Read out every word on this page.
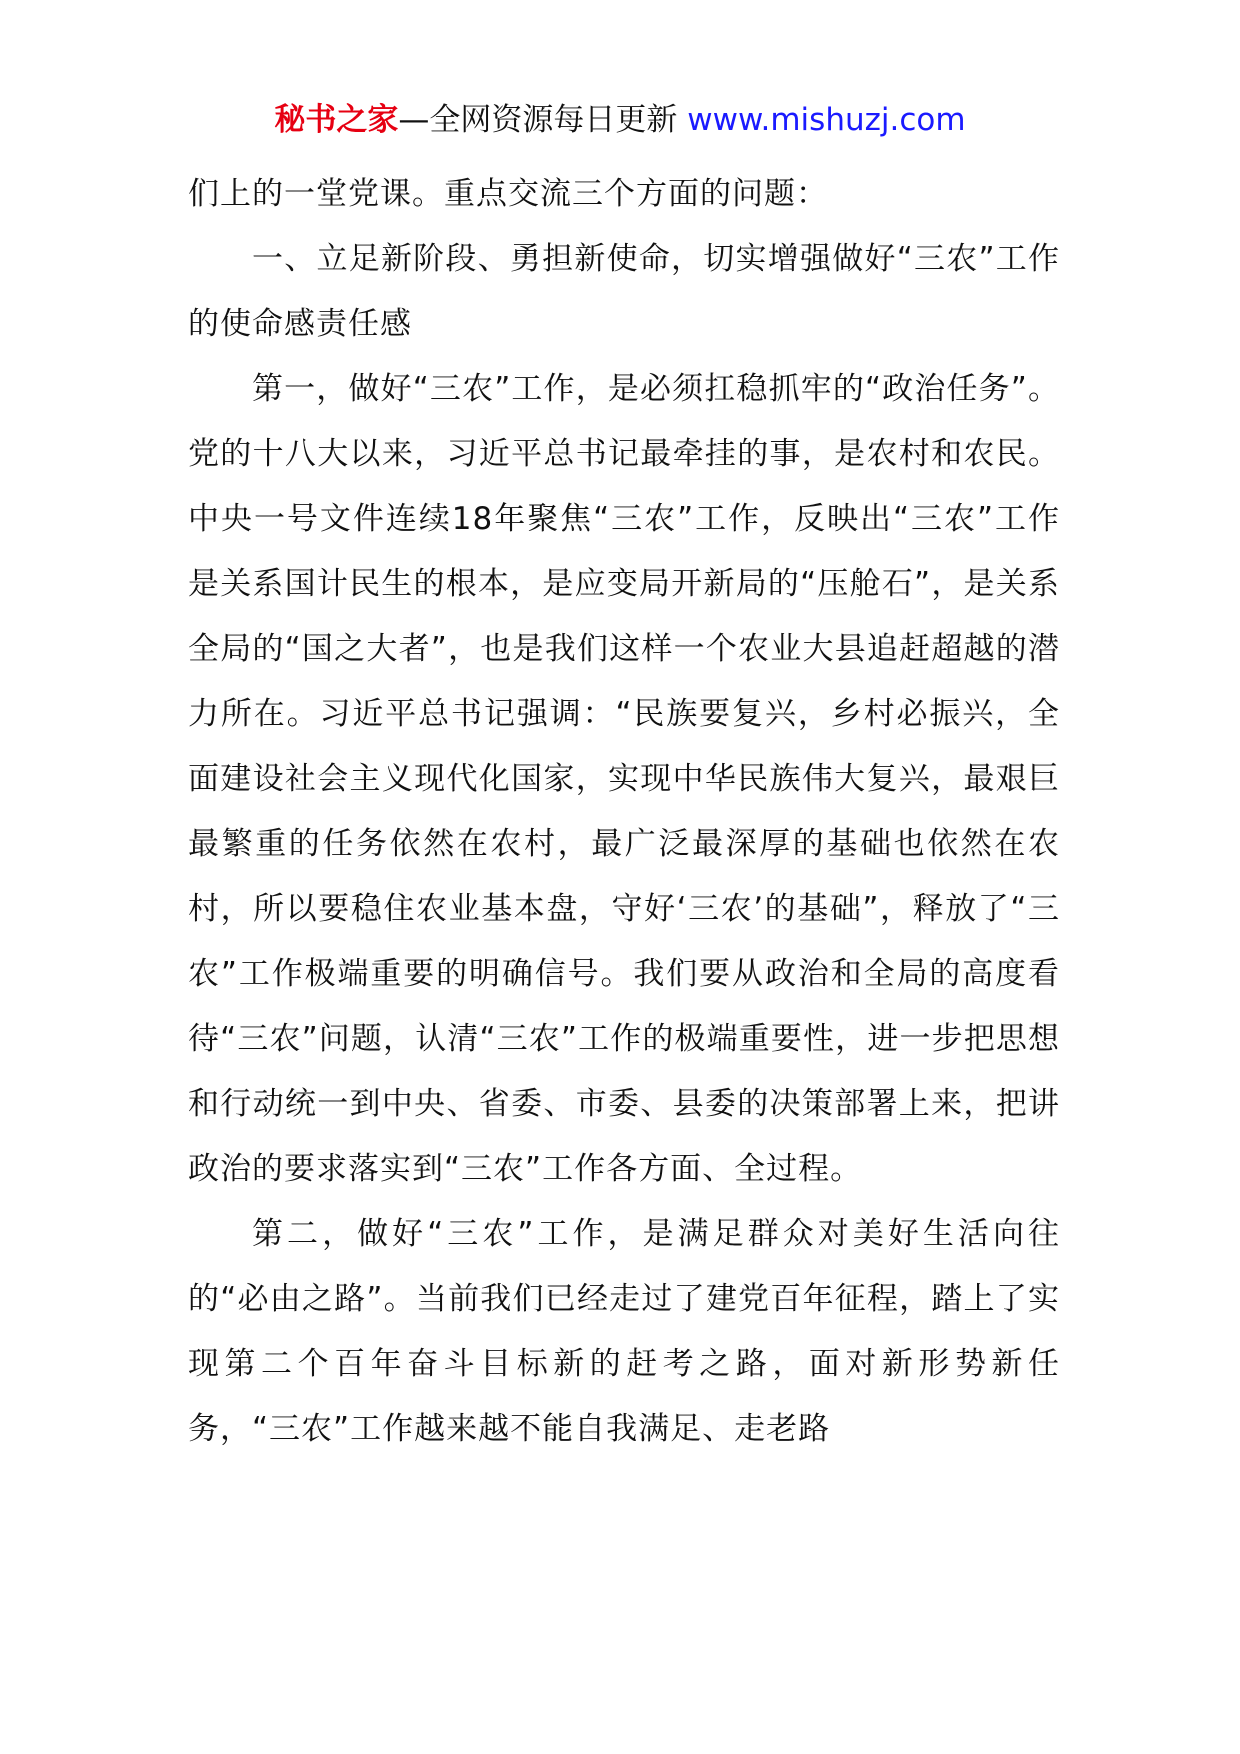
秘书之家—全网资源每日更新 www.mishuzj.com

们上的一堂党课。重点交流三个方面的问题：

一、立足新阶段、勇担新使命，切实增强做好“三农”工作的使命感责任感

第一，做好“三农”工作，是必须扛稳抓牢的“政治任务”。党的十八大以来，习近平总书记最牵挂的事，是农村和农民。中央一号文件连续18年聚焦“三农”工作，反映出“三农”工作是关系国计民生的根本，是应变局开新局的“压舱石”，是关系全局的“国之大者”，也是我们这样一个农业大县追赶超越的潜力所在。习近平总书记强调：“民族要复兴，乡村必振兴，全面建设社会主义现代化国家，实现中华民族伟大复兴，最艰巨最繁重的任务依然在农村，最广泛最深厚的基础也依然在农村，所以要稳住农业基本盘，守好‘三农’的基础”，释放了“三农”工作极端重要的明确信号。我们要从政治和全局的高度看待“三农”问题，认清“三农”工作的极端重要性，进一步把思想和行动统一到中央、省委、市委、县委的决策部署上来，把讲政治的要求落实到“三农”工作各方面、全过程。

第二，做好“三农”工作，是满足群众对美好生活向往的“必由之路”。当前我们已经走过了建党百年征程，踏上了实现第二个百年奋斗目标新的赶考之路，面对新形势新任务，“三农”工作越来越不能自我满足、走老路
